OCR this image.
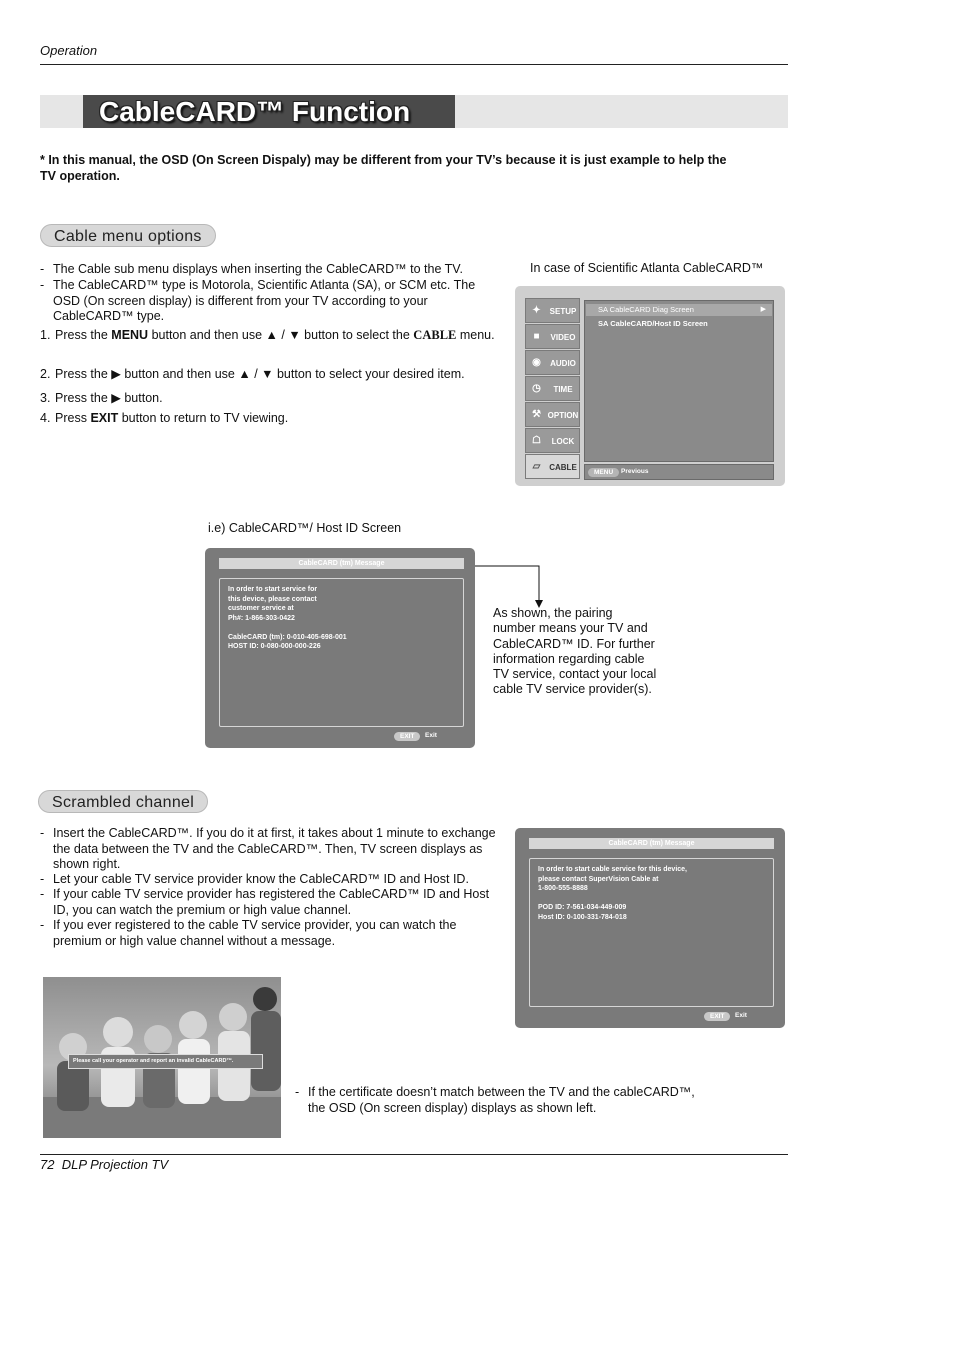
Operation
CableCARD™ Function
* In this manual, the OSD (On Screen Dispaly) may be different from your TV’s because it is just example to help the TV operation.
Cable menu options
- The Cable sub menu displays when inserting the CableCARD™ to the TV.
- The CableCARD™ type is Motorola, Scientific Atlanta (SA), or SCM etc. The OSD (On screen display) is different from your TV according to your CableCARD™ type.
1. Press the MENU button and then use ▲ / ▼ button to select the CABLE menu.
2. Press the ▶ button and then use ▲ / ▼ button to select your desired item.
3. Press the ▶ button.
4. Press EXIT button to return to TV viewing.
In case of Scientific Atlanta CableCARD™
✦	SETUP
■	VIDEO
◉	AUDIO
◷	TIME
⚒ OPTION
☖	LOCK
▱	CABLE
SA CableCARD Diag Screen	▶
SA CableCARD/Host ID Screen
MENU	Previous
i.e) CableCARD™/ Host ID Screen
CableCARD (tm) Message
In order to start service for
this device, please contact
customer service at
Ph#: 1-866-303-0422
CableCARD (tm): 0-010-405-698-001
HOST ID: 0-080-000-000-226
EXIT	Exit
As shown, the pairing number means your TV and CableCARD™ ID. For further information regarding cable TV service, contact your local cable TV service provider(s).
Scrambled channel
- Insert the CableCARD™. If you do it at first, it takes about 1 minute to exchange the data between the TV and the CableCARD™. Then, TV screen displays as shown right.
- Let your cable TV service provider know the CableCARD™ ID and Host ID.
- If your cable TV service provider has registered the CableCARD™ ID and Host ID, you can watch the premium or high value channel.
- If you ever registered to the cable TV service provider, you can watch the premium or high value channel without a message.
CableCARD (tm) Message
In order to start cable service for this device,
please contact SuperVision Cable at
1-800-555-8888
POD ID: 7-561-034-449-009
Host ID: 0-100-331-784-018
EXIT	Exit
Please call your operator and report an invalid CableCARD™.
- If the certificate doesn’t match between the TV and the cableCARD™, the OSD (On screen display) displays as shown left.
72 DLP Projection TV
